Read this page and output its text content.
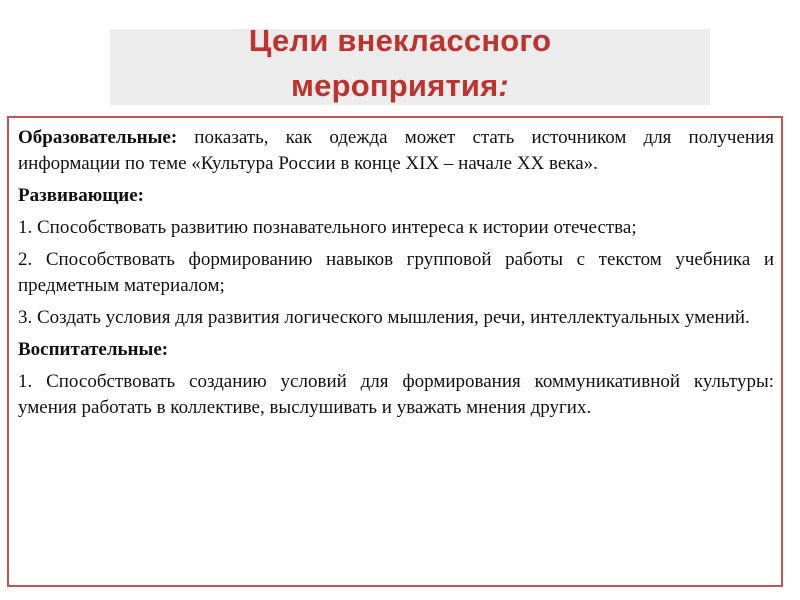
Цели внеклассного
мероприятия:

Образовательные: показать, как одежда может стать источником для получения информации по теме «Культура России в конце XIX – начале XX века».

Развивающие:

1. Способствовать развитию познавательного интереса к истории отечества;

2. Способствовать формированию навыков групповой работы с текстом учебника и предметным материалом;

3. Создать условия для развития логического мышления, речи, интеллектуальных умений.

Воспитательные:

1. Способствовать созданию условий для формирования коммуникативной культуры: умения работать в коллективе, выслушивать и уважать мнения других.
